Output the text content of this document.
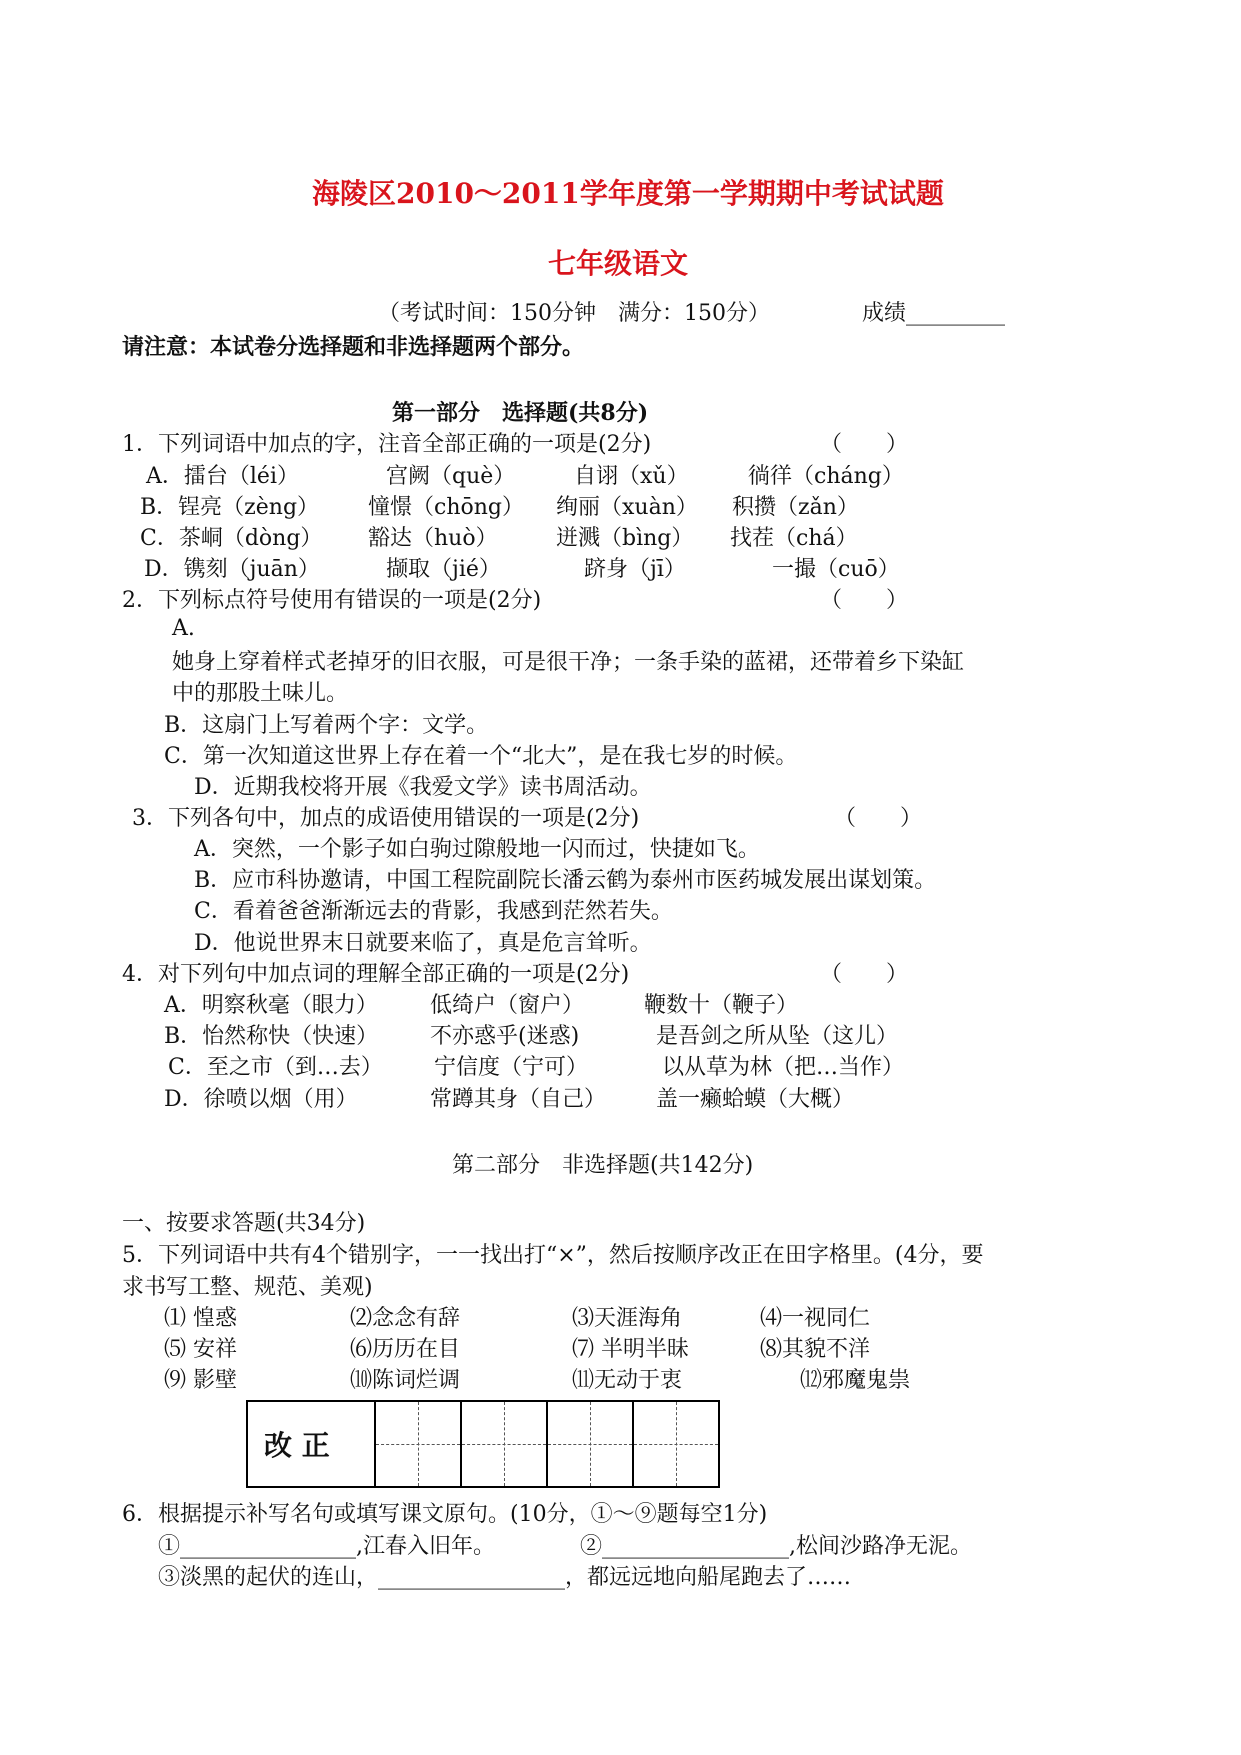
海陵区2010～2011学年度第一学期期中考试试题
七年级语文
（考试时间：150分钟　满分：150分）	成绩_________
请注意：本试卷分选择题和非选择题两个部分。
第一部分　选择题(共8分)
1．下列词语中加点的字，注音全部正确的一项是(2分)	（　　）
A．擂台（léi）	宫阙（què）	自诩（xǔ）	徜徉（cháng）
B．锃亮（zèng） 憧憬（chōng） 绚丽（xuàn） 积攒（zǎn）
C．茶峒（dòng） 豁达（huò）	迸溅（bìng） 找茬（chá）
D．镌刻（juān）	撷取（jié）	跻身（jī）	一撮（cuō）
2．下列标点符号使用有错误的一项是(2分)	（　　）
A.
她身上穿着样式老掉牙的旧衣服，可是很干净；一条手染的蓝裙，还带着乡下染缸
中的那股土味儿。
B．这扇门上写着两个字：文学。
C．第一次知道这世界上存在着一个“北大”，是在我七岁的时候。
D．近期我校将开展《我爱文学》读书周活动。
3．下列各句中，加点的成语使用错误的一项是(2分)	（　　）
A．突然，一个影子如白驹过隙般地一闪而过，快捷如飞。
B．应市科协邀请，中国工程院副院长潘云鹤为泰州市医药城发展出谋划策。
C．看着爸爸渐渐远去的背影，我感到茫然若失。
D．他说世界末日就要来临了，真是危言耸听。
4．对下列句中加点词的理解全部正确的一项是(2分)	（　　）
A．明察秋毫（眼力） 低绮户（窗户）	鞭数十（鞭子）
B．怡然称快（快速） 不亦惑乎(迷惑)	是吾剑之所从坠（这儿）
C．至之市（到…去） 宁信度（宁可）	以从草为林（把…当作）
D．徐喷以烟（用）	常蹲其身（自己） 盖一癞蛤蟆（大概）
第二部分　非选择题(共142分)
一、按要求答题(共34分)
5．下列词语中共有4个错别字，一一找出打“×”，然后按顺序改正在田字格里。(4分，要
求书写工整、规范、美观)
⑴ 惶惑	⑵念念有辞	⑶天涯海角	⑷一视同仁
⑸ 安祥	⑹历历在目	⑺ 半明半昧	⑻其貌不洋
⑼ 影壁	⑽陈词烂调	⑾无动于衷	⑿邪魔鬼祟
改 正
6．根据提示补写名句或填写课文原句。(10分，①～⑨题每空1分)
①________________,江春入旧年。	②_________________,松间沙路净无泥。
③淡黑的起伏的连山，_________________，都远远地向船尾跑去了……
